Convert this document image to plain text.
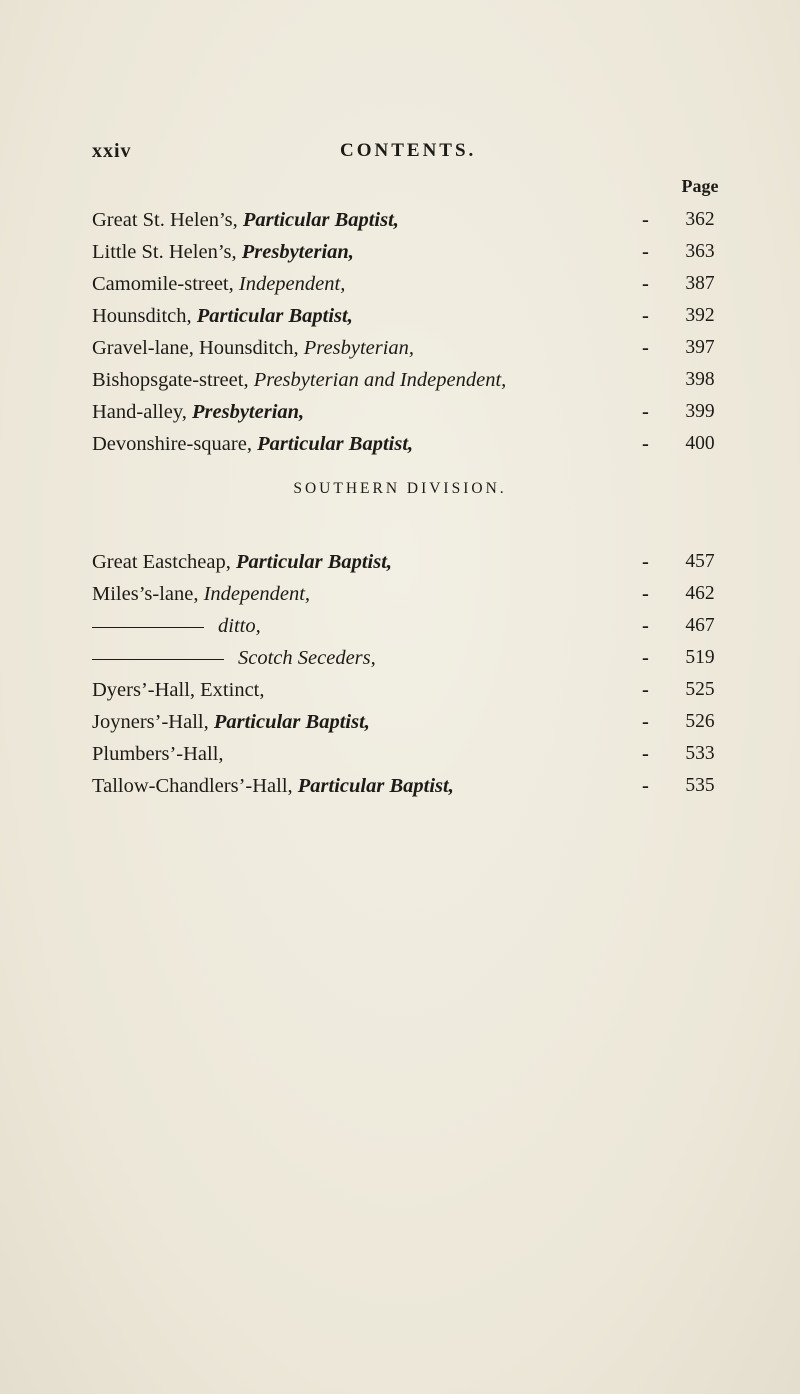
xxiv	CONTENTS.
Page
Great St. Helen’s, Particular Baptist,	-	362
Little St. Helen’s, Presbyterian,	-	363
Camomile-street, Independent,	-	387
Hounsditch, Particular Baptist,	-	392
Gravel-lane, Hounsditch, Presbyterian,	-	397
Bishopsgate-street, Presbyterian and Independent,	398
Hand-alley, Presbyterian,	-	399
Devonshire-square, Particular Baptist,	-	400
SOUTHERN DIVISION.
Great Eastcheap, Particular Baptist,	-	457
Miles’s-lane, Independent,	-	462
ditto,	-	467
Scotch Seceders,	-	519
Dyers’-Hall, Extinct,	-	525
Joyners’-Hall, Particular Baptist,	-	526
Plumbers’-Hall,	-	533
Tallow-Chandlers’-Hall, Particular Baptist,	-	535
